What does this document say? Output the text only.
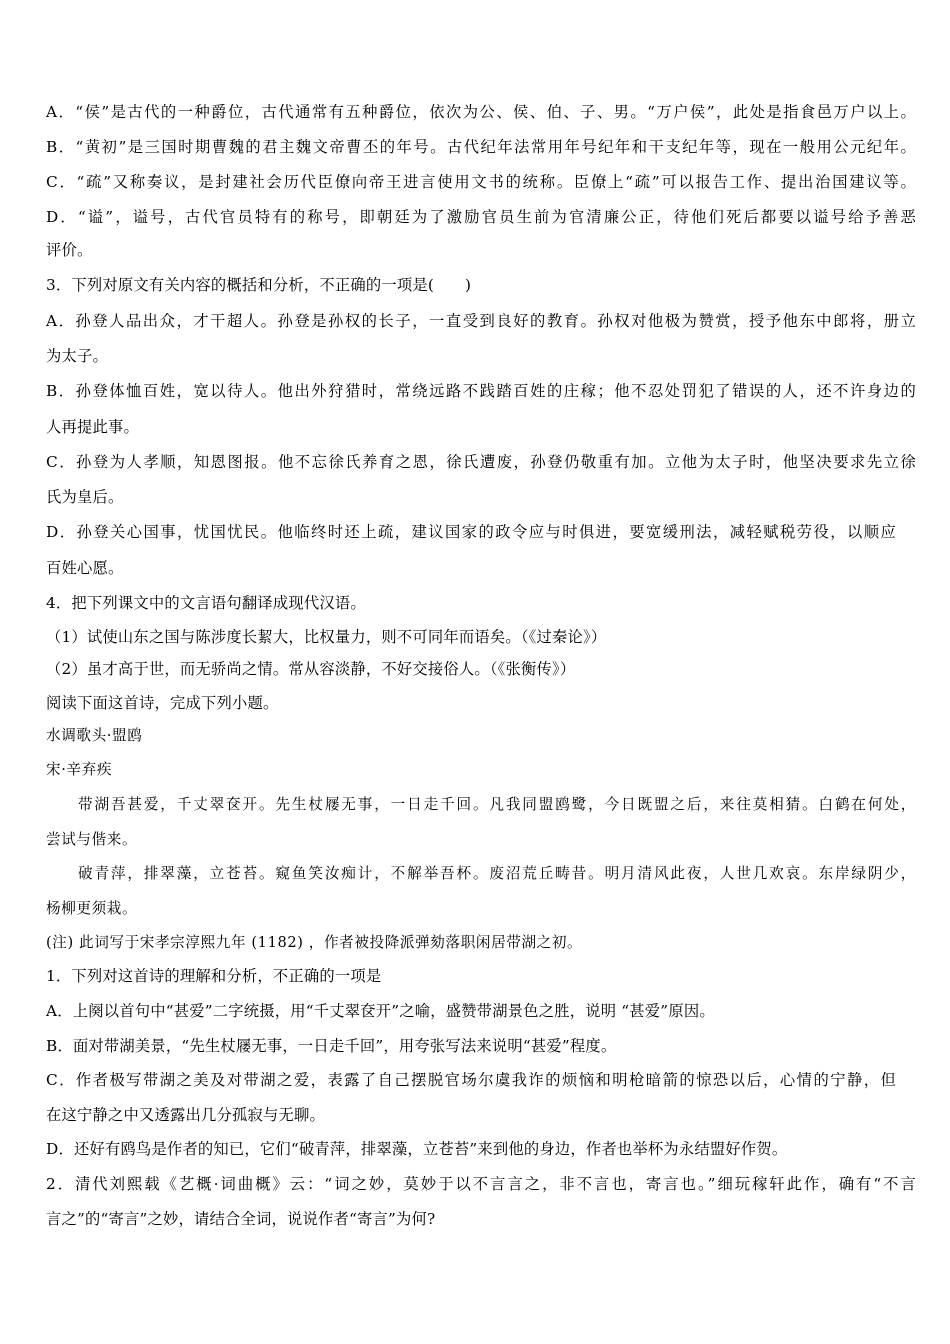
A．“侯”是古代的一种爵位，古代通常有五种爵位，依次为公、侯、伯、子、男。“万户侯”，此处是指食邑万户以上。
B．“黄初”是三国时期曹魏的君主魏文帝曹丕的年号。古代纪年法常用年号纪年和干支纪年等，现在一般用公元纪年。
C．“疏”又称奏议，是封建社会历代臣僚向帝王进言使用文书的统称。臣僚上“疏”可以报告工作、提出治国建议等。
D．“谥”，谥号，古代官员特有的称号，即朝廷为了激励官员生前为官清廉公正，待他们死后都要以谥号给予善恶
评价。
3．下列对原文有关内容的概括和分析，不正确的一项是(　　)
A．孙登人品出众，才干超人。孙登是孙权的长子，一直受到良好的教育。孙权对他极为赞赏，授予他东中郎将，册立
为太子。
B．孙登体恤百姓，宽以待人。他出外狩猎时，常绕远路不践踏百姓的庄稼；他不忍处罚犯了错误的人，还不许身边的
人再提此事。
C．孙登为人孝顺，知恩图报。他不忘徐氏养育之恩，徐氏遭废，孙登仍敬重有加。立他为太子时，他坚决要求先立徐
氏为皇后。
D．孙登关心国事，忧国忧民。他临终时还上疏，建议国家的政令应与时俱进，要宽缓刑法，减轻赋税劳役，以顺应
百姓心愿。
4．把下列课文中的文言语句翻译成现代汉语。
（1）试使山东之国与陈涉度长絜大，比权量力，则不可同年而语矣。（《过秦论》）
（2）虽才高于世，而无骄尚之情。常从容淡静，不好交接俗人。（《张衡传》）
阅读下面这首诗，完成下列小题。
水调歌头·盟鸥
宋·辛弃疾
带湖吾甚爱，千丈翠奁开。先生杖屦无事，一日走千回。凡我同盟鸥鹭，今日既盟之后，来往莫相猜。白鹤在何处，
尝试与偕来。
破青萍，排翠藻，立苍苔。窥鱼笑汝痴计，不解举吾杯。废沼荒丘畴昔。明月清风此夜，人世几欢哀。东岸绿阴少，
杨柳更须栽。
(注) 此词写于宋孝宗淳熙九年 (1182) ，作者被投降派弹劾落职闲居带湖之初。
1．下列对这首诗的理解和分析，不正确的一项是
A．上阕以首句中“甚爱”二字统摄，用“千丈翠奁开”之喻，盛赞带湖景色之胜，说明 “甚爱”原因。
B．面对带湖美景，“先生杖屦无事，一日走千回”，用夸张写法来说明“甚爱”程度。
C．作者极写带湖之美及对带湖之爱，表露了自己摆脱官场尔虞我诈的烦恼和明枪暗箭的惊恐以后，心情的宁静，但
在这宁静之中又透露出几分孤寂与无聊。
D．还好有鸥鸟是作者的知已，它们“破青萍，排翠藻，立苍苔”来到他的身边，作者也举杯为永结盟好作贺。
2．清代刘熙载《艺概·词曲概》云：“词之妙，莫妙于以不言言之，非不言也，寄言也。”细玩稼轩此作，确有“不言
言之”的“寄言”之妙，请结合全词，说说作者“寄言”为何?
